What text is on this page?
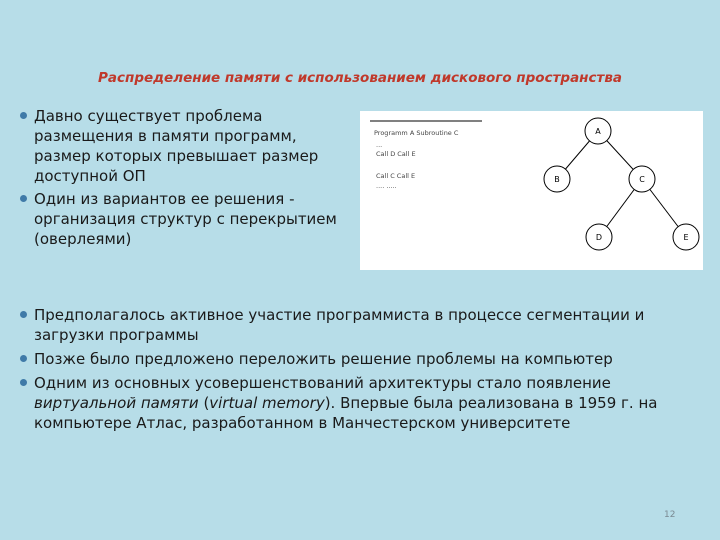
Распределение памяти с использованием дискового пространства
Давно существует проблема размещения в памяти программ, размер которых превышает размер доступной ОП
Один из вариантов ее решения - организация структур с перекрытием (оверлеями)
Programm A Subroutine C
...
Call D Call E
Call C Call E
.... .....
A
B	C
D	E
Предполагалось активное участие программиста в процессе сегментации и загрузки программы
Позже было предложено переложить решение проблемы на компьютер
Одним из основных усовершенствований архитектуры стало появление виртуальной памяти (virtual memory). Впервые была реализована в 1959 г. на компьютере Атлас, разработанном в Манчестерском университете
12
